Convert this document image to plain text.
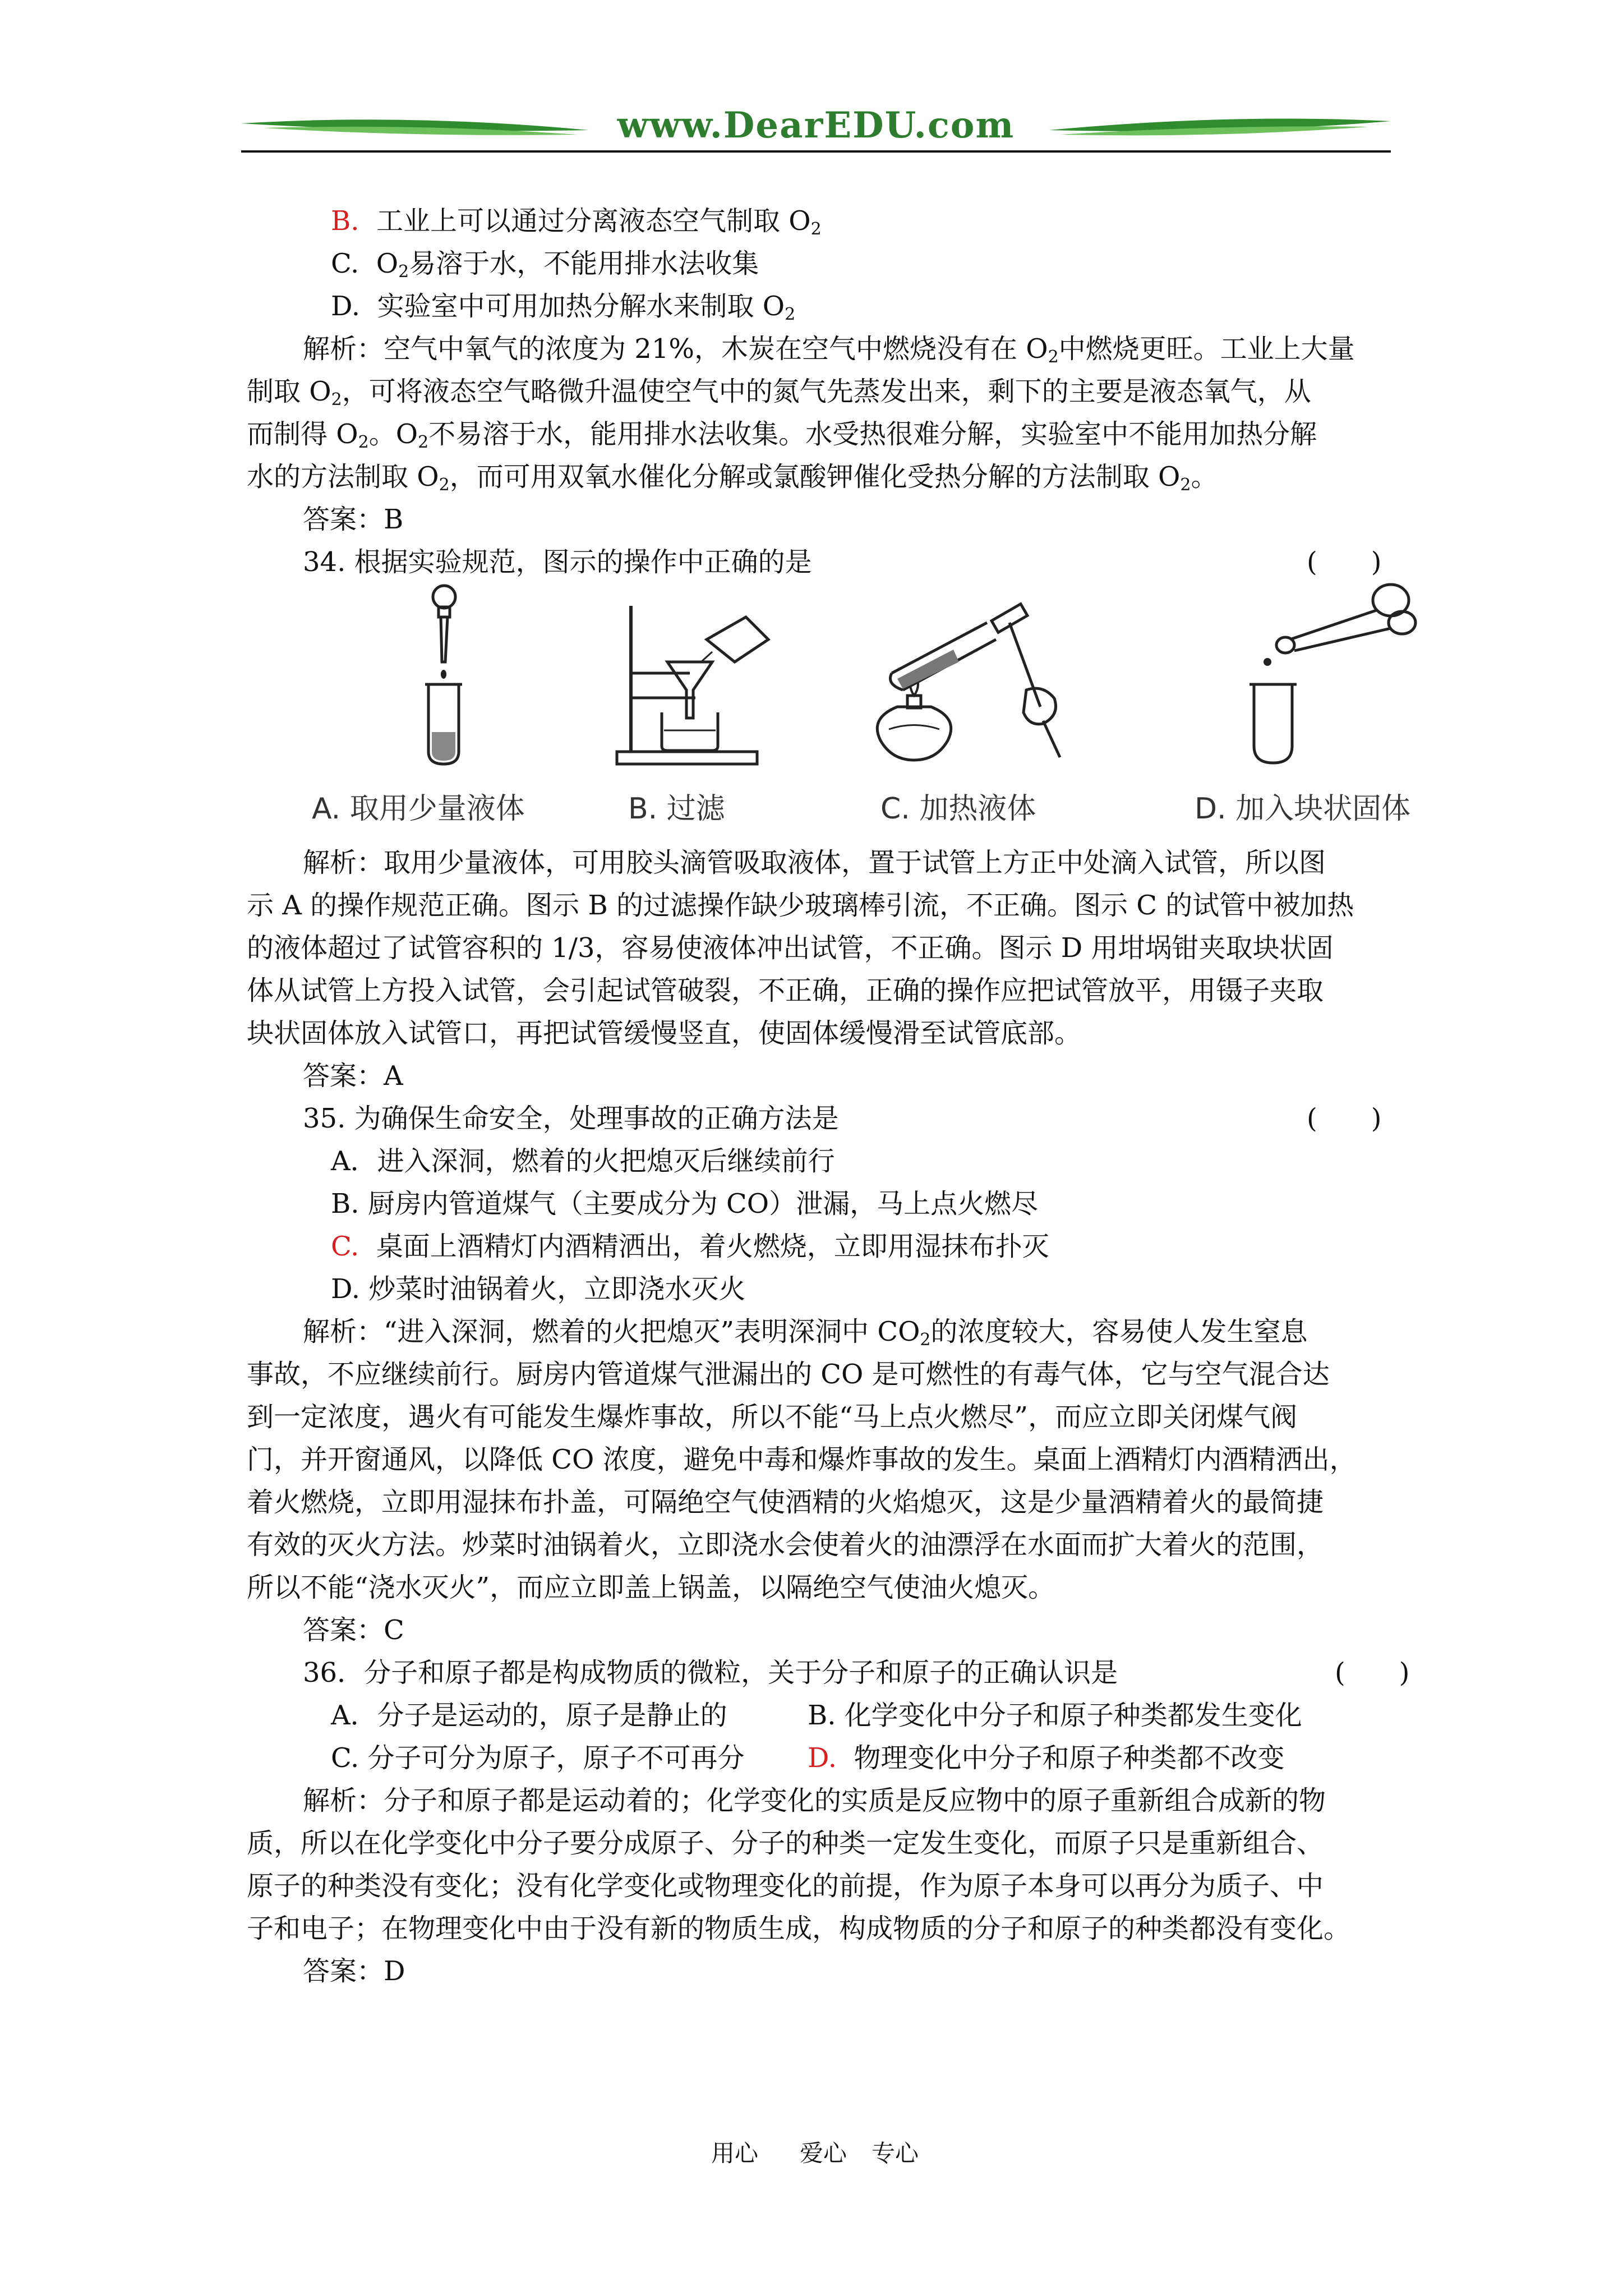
www.DearEDU.com
B. 工业上可以通过分离液态空气制取 $O_2$
C. $O_2$易溶于水，不能用排水法收集
D. 实验室中可用加热分解水来制取 $O_2$
解析：空气中氧气的浓度为 21%，木炭在空气中燃烧没有在 $O_2$中燃烧更旺。工业上大量
制取 $O_2$，可将液态空气略微升温使空气中的氮气先蒸发出来，剩下的主要是液态氧气，从
而制得 $O_2$。$O_2$不易溶于水，能用排水法收集。水受热很难分解，实验室中不能用加热分解
水的方法制取 $O_2$，而可用双氧水催化分解或氯酸钾催化受热分解的方法制取 $O_2$。
答案：B
34. 根据实验规范，图示的操作中正确的是	(　　)
A. 取用少量液体	B. 过滤	C. 加热液体	D. 加入块状固体
解析：取用少量液体，可用胶头滴管吸取液体，置于试管上方正中处滴入试管，所以图
示 A 的操作规范正确。图示 B 的过滤操作缺少玻璃棒引流，不正确。图示 C 的试管中被加热
的液体超过了试管容积的 1/3，容易使液体冲出试管，不正确。图示 D 用坩埚钳夹取块状固
体从试管上方投入试管，会引起试管破裂，不正确，正确的操作应把试管放平，用镊子夹取
块状固体放入试管口，再把试管缓慢竖直，使固体缓慢滑至试管底部。
答案：A
35. 为确保生命安全，处理事故的正确方法是	(　　)
A．进入深洞，燃着的火把熄灭后继续前行
B. 厨房内管道煤气（主要成分为 CO）泄漏，马上点火燃尽
C. 桌面上酒精灯内酒精洒出，着火燃烧，立即用湿抹布扑灭
D. 炒菜时油锅着火，立即浇水灭火
解析：“进入深洞，燃着的火把熄灭”表明深洞中 $CO_2$的浓度较大，容易使人发生窒息
事故，不应继续前行。厨房内管道煤气泄漏出的 CO 是可燃性的有毒气体，它与空气混合达
到一定浓度，遇火有可能发生爆炸事故，所以不能“马上点火燃尽”，而应立即关闭煤气阀
门，并开窗通风，以降低 CO 浓度，避免中毒和爆炸事故的发生。桌面上酒精灯内酒精洒出，
着火燃烧，立即用湿抹布扑盖，可隔绝空气使酒精的火焰熄灭，这是少量酒精着火的最简捷
有效的灭火方法。炒菜时油锅着火，立即浇水会使着火的油漂浮在水面而扩大着火的范围，
所以不能“浇水灭火”，而应立即盖上锅盖，以隔绝空气使油火熄灭。
答案：C
36．分子和原子都是构成物质的微粒，关于分子和原子的正确认识是	(　　)
A．分子是运动的，原子是静止的	B. 化学变化中分子和原子种类都发生变化
C. 分子可分为原子，原子不可再分 D. 物理变化中分子和原子种类都不改变
解析：分子和原子都是运动着的；化学变化的实质是反应物中的原子重新组合成新的物
质，所以在化学变化中分子要分成原子、分子的种类一定发生变化，而原子只是重新组合、
原子的种类没有变化；没有化学变化或物理变化的前提，作为原子本身可以再分为质子、中
子和电子；在物理变化中由于没有新的物质生成，构成物质的分子和原子的种类都没有变化。
答案：D
用心 爱心 专心
